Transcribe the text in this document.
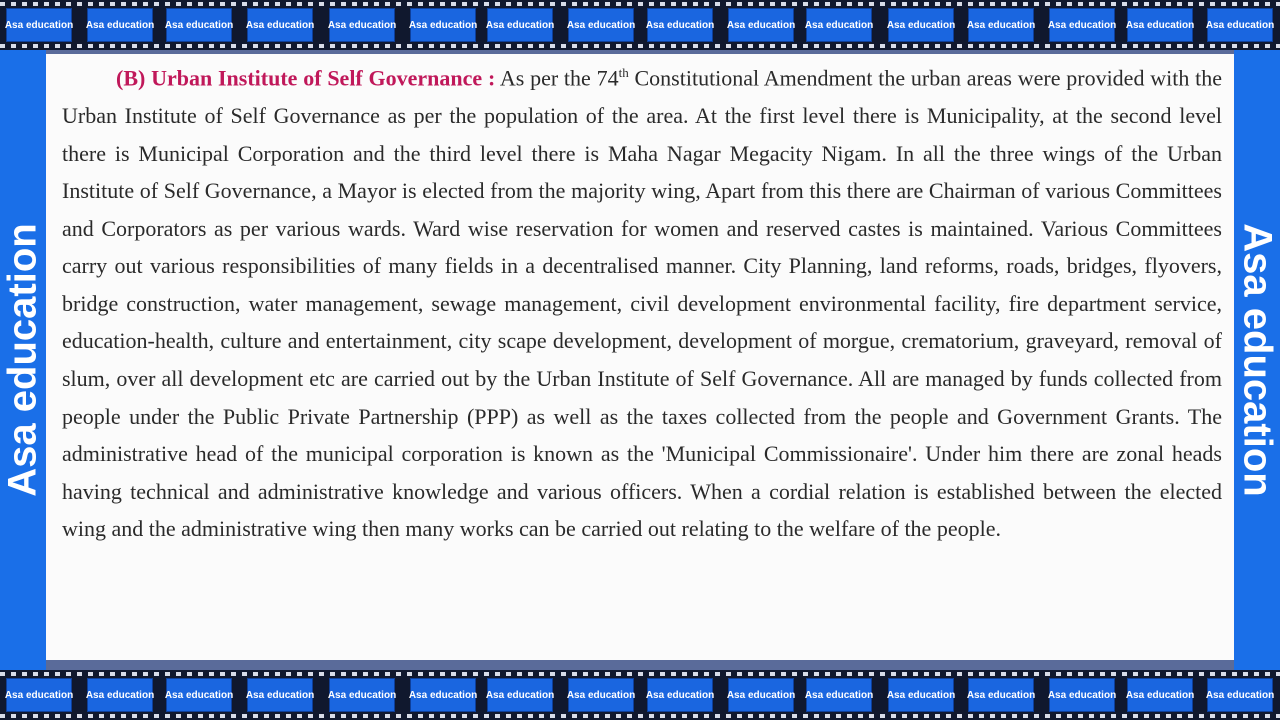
Asa education Asa education Asa education Asa education Asa education Asa education Asa education Asa education Asa education Asa education Asa education Asa education Asa education Asa education Asa education Asa education
Asa education	Asa education

(B) Urban Institute of Self Governance : As per the 74th Constitutional Amendment the urban areas were provided with the Urban Institute of Self Governance as per the population of the area. At the first level there is Municipality, at the second level there is Municipal Corporation and the third level there is Maha Nagar Megacity Nigam. In all the three wings of the Urban Institute of Self Governance, a Mayor is elected from the majority wing, Apart from this there are Chairman of various Committees and Corporators as per various wards. Ward wise reservation for women and reserved castes is maintained. Various Committees carry out various responsibilities of many fields in a decentralised manner. City Planning, land reforms, roads, bridges, flyovers, bridge construction, water management, sewage management, civil development environmental facility, fire department service, education-health, culture and entertainment, city scape development, development of morgue, crematorium, graveyard, removal of slum, over all development etc are carried out by the Urban Institute of Self Governance. All are managed by funds collected from people under the Public Private Partnership (PPP) as well as the taxes collected from the people and Government Grants. The administrative head of the municipal corporation is known as the 'Municipal Commissionaire'. Under him there are zonal heads having technical and administrative knowledge and various officers. When a cordial relation is established between the elected wing and the administrative wing then many works can be carried out relating to the welfare of the people.

Asa education Asa education Asa education Asa education Asa education Asa education Asa education Asa education Asa education Asa education Asa education Asa education Asa education Asa education Asa education Asa education
